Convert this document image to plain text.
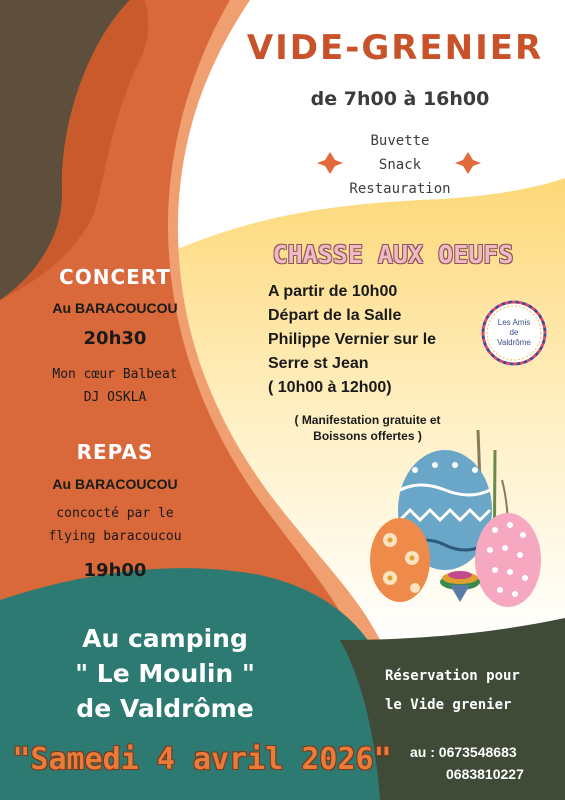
VIDE-GRENIER
de 7h00 à 16h00
Buvette
Snack
Restauration
CHASSE AUX OEUFS
A partir de 10h00
Départ de la Salle
Philippe Vernier sur le
Serre st Jean
( 10h00 à 12h00)
( Manifestation gratuite et
Boissons offertes )
Les Amis
de
Valdrôme
CONCERT
Au BARACOUCOU
20h30
Mon cœur Balbeat
DJ OSKLA
REPAS
Au BARACOUCOU
concocté par le
flying baracoucou
19h00
Au camping
" Le Moulin "
de Valdrôme
"Samedi 4 avril 2026"
Réservation pour
le Vide grenier
au : 0673548683
0683810227
